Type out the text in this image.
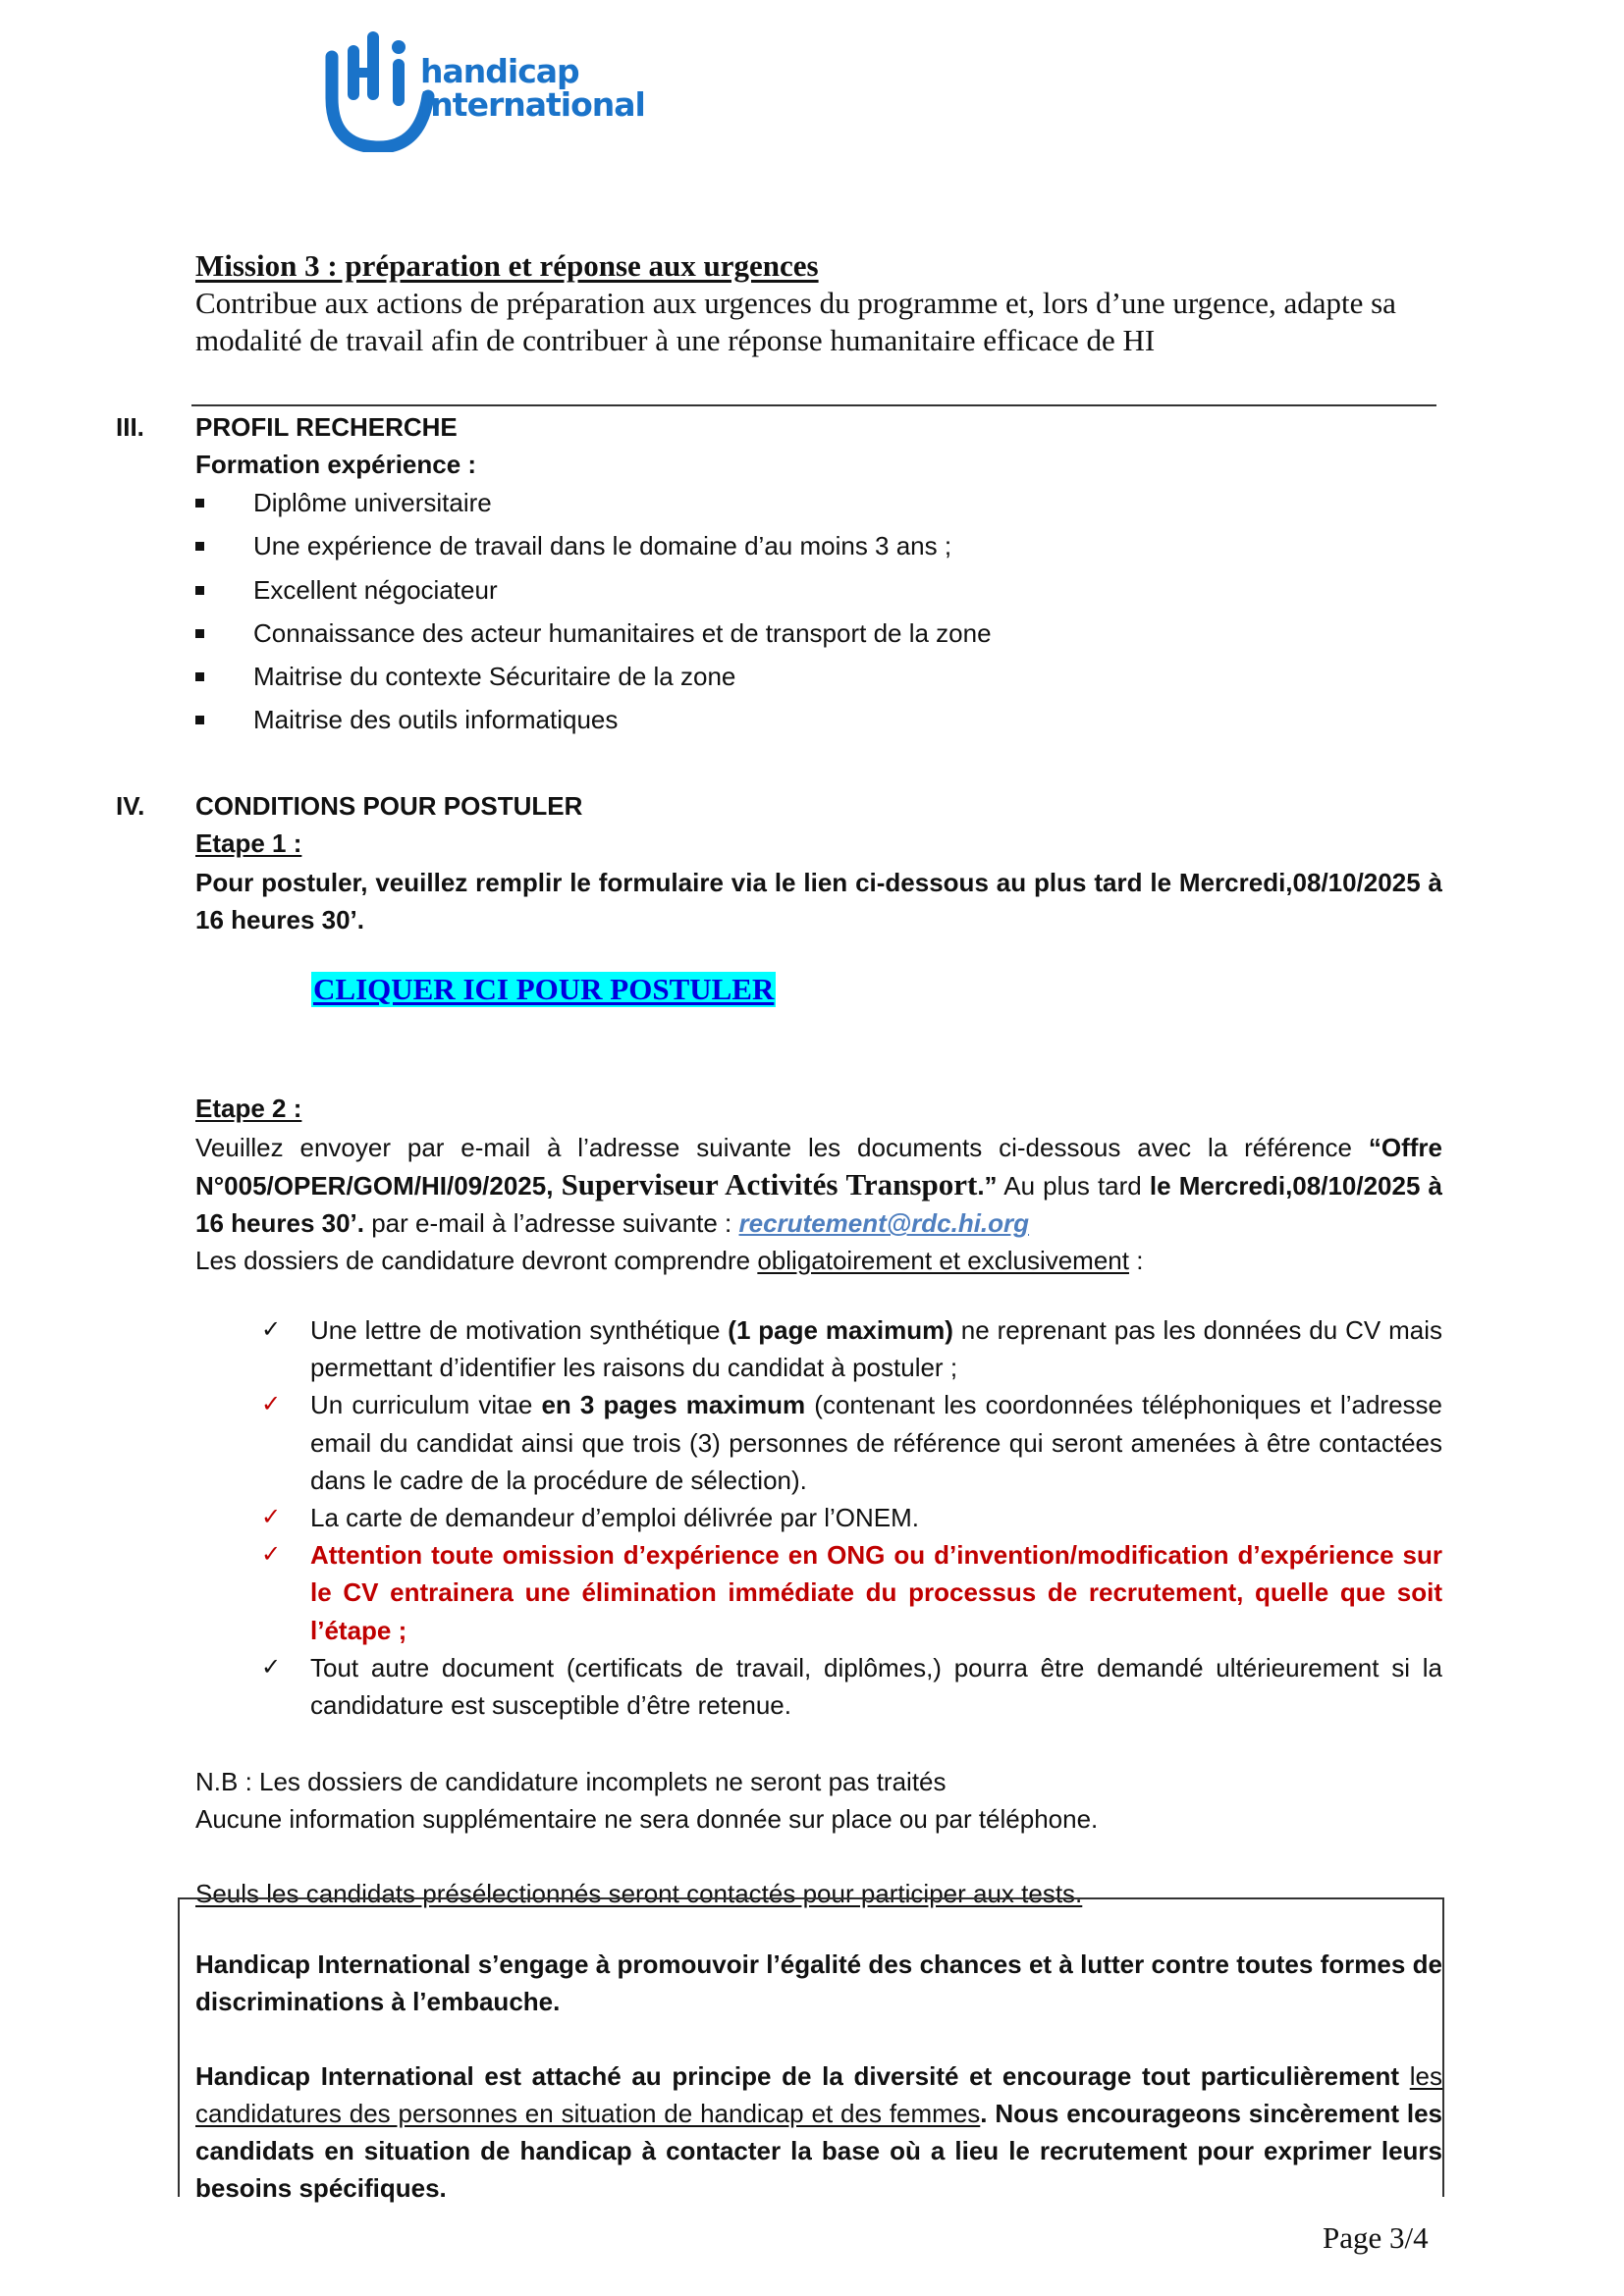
handicap
international
Mission 3 : préparation et réponse aux urgences
Contribue aux actions de préparation aux urgences du programme et, lors d’une urgence, adapte sa modalité de travail afin de contribuer à une réponse humanitaire efficace de HI
III. PROFIL RECHERCHE
Formation expérience :
Diplôme universitaire
Une expérience de travail dans le domaine d’au moins 3 ans ;
Excellent négociateur
Connaissance des acteur humanitaires et de transport de la zone
Maitrise du contexte Sécuritaire de la zone
Maitrise des outils informatiques
IV. CONDITIONS POUR POSTULER
Etape 1 :
Pour postuler, veuillez remplir le formulaire via le lien ci-dessous au plus tard le Mercredi,08/10/2025 à 16 heures 30’.
CLIQUER ICI POUR POSTULER
Etape 2 :
Veuillez envoyer par e-mail à l’adresse suivante les documents ci-dessous avec la référence “Offre N°005/OPER/GOM/HI/09/2025, Superviseur Activités Transport.” Au plus tard le Mercredi,08/10/2025 à 16 heures 30’. par e-mail à l’adresse suivante : recrutement@rdc.hi.org
Les dossiers de candidature devront comprendre obligatoirement et exclusivement :
✓	Une lettre de motivation synthétique (1 page maximum) ne reprenant pas les données du CV mais permettant d’identifier les raisons du candidat à postuler ;
✓	Un curriculum vitae en 3 pages maximum (contenant les coordonnées téléphoniques et l’adresse email du candidat ainsi que trois (3) personnes de référence qui seront amenées à être contactées dans le cadre de la procédure de sélection).
✓	La carte de demandeur d’emploi délivrée par l’ONEM.
✓	Attention toute omission d’expérience en ONG ou d’invention/modification d’expérience sur le CV entrainera une élimination immédiate du processus de recrutement, quelle que soit l’étape ;
✓	Tout autre document (certificats de travail, diplômes,) pourra être demandé ultérieurement si la candidature est susceptible d’être retenue.
N.B : Les dossiers de candidature incomplets ne seront pas traités
Aucune information supplémentaire ne sera donnée sur place ou par téléphone.
Seuls les candidats présélectionnés seront contactés pour participer aux tests.
Handicap International s’engage à promouvoir l’égalité des chances et à lutter contre toutes formes de discriminations à l’embauche.
Handicap International est attaché au principe de la diversité et encourage tout particulièrement les candidatures des personnes en situation de handicap et des femmes. Nous encourageons sincèrement les candidats en situation de handicap à contacter la base où a lieu le recrutement pour exprimer leurs besoins spécifiques.
Page 3/4
